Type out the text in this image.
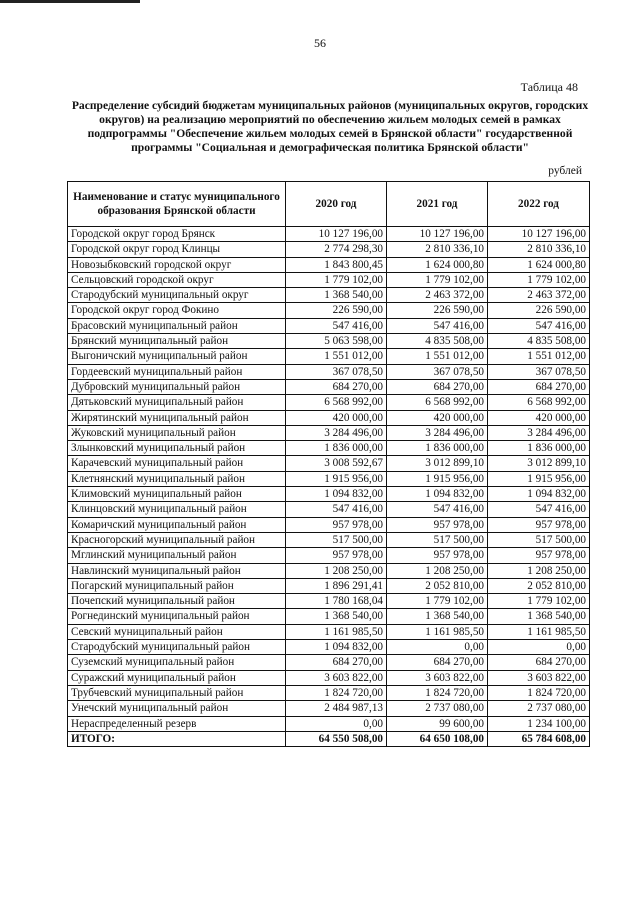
56
Таблица 48
Распределение субсидий бюджетам муниципальных районов (муниципальных округов, городских округов) на реализацию мероприятий по обеспечению жильем молодых семей в рамках подпрограммы "Обеспечение жильем молодых семей в Брянской области" государственной программы "Социальная и демографическая политика Брянской области"
рублей
Наименование и статус муниципального образования Брянской области	2020 год	2021 год	2022 год
Городской округ город Брянск	10 127 196,00	10 127 196,00	10 127 196,00
Городской округ город Клинцы	2 774 298,30	2 810 336,10	2 810 336,10
Новозыбковский городской округ	1 843 800,45	1 624 000,80	1 624 000,80
Сельцовский городской округ	1 779 102,00	1 779 102,00	1 779 102,00
Стародубский муниципальный округ	1 368 540,00	2 463 372,00	2 463 372,00
Городской округ город Фокино	226 590,00	226 590,00	226 590,00
Брасовский муниципальный район	547 416,00	547 416,00	547 416,00
Брянский муниципальный район	5 063 598,00	4 835 508,00	4 835 508,00
Выгоничский муниципальный район	1 551 012,00	1 551 012,00	1 551 012,00
Гордеевский муниципальный район	367 078,50	367 078,50	367 078,50
Дубровский муниципальный район	684 270,00	684 270,00	684 270,00
Дятьковский муниципальный район	6 568 992,00	6 568 992,00	6 568 992,00
Жирятинский муниципальный район	420 000,00	420 000,00	420 000,00
Жуковский муниципальный район	3 284 496,00	3 284 496,00	3 284 496,00
Злынковский муниципальный район	1 836 000,00	1 836 000,00	1 836 000,00
Карачевский муниципальный район	3 008 592,67	3 012 899,10	3 012 899,10
Клетнянский муниципальный район	1 915 956,00	1 915 956,00	1 915 956,00
Климовский муниципальный район	1 094 832,00	1 094 832,00	1 094 832,00
Клинцовский муниципальный район	547 416,00	547 416,00	547 416,00
Комаричский муниципальный район	957 978,00	957 978,00	957 978,00
Красногорский муниципальный район	517 500,00	517 500,00	517 500,00
Мглинский муниципальный район	957 978,00	957 978,00	957 978,00
Навлинский муниципальный район	1 208 250,00	1 208 250,00	1 208 250,00
Погарский муниципальный район	1 896 291,41	2 052 810,00	2 052 810,00
Почепский муниципальный район	1 780 168,04	1 779 102,00	1 779 102,00
Рогнединский муниципальный район	1 368 540,00	1 368 540,00	1 368 540,00
Севский муниципальный район	1 161 985,50	1 161 985,50	1 161 985,50
Стародубский муниципальный район	1 094 832,00	0,00	0,00
Суземский муниципальный район	684 270,00	684 270,00	684 270,00
Суражский муниципальный район	3 603 822,00	3 603 822,00	3 603 822,00
Трубчевский муниципальный район	1 824 720,00	1 824 720,00	1 824 720,00
Унечский муниципальный район	2 484 987,13	2 737 080,00	2 737 080,00
Нераспределенный резерв	0,00	99 600,00	1 234 100,00
ИТОГО:	64 550 508,00	64 650 108,00	65 784 608,00
